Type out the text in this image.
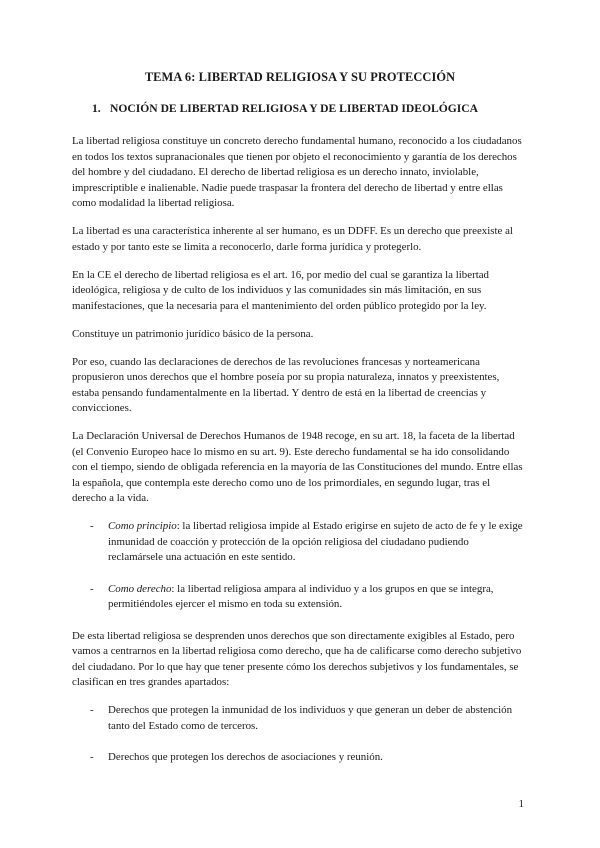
TEMA 6: LIBERTAD RELIGIOSA Y SU PROTECCIÓN
1. NOCIÓN DE LIBERTAD RELIGIOSA Y DE LIBERTAD IDEOLÓGICA

La libertad religiosa constituye un concreto derecho fundamental humano, reconocido a los ciudadanos en todos los textos supranacionales que tienen por objeto el reconocimiento y garantía de los derechos del hombre y del ciudadano. El derecho de libertad religiosa es un derecho innato, inviolable, imprescriptible e inalienable. Nadie puede traspasar la frontera del derecho de libertad y entre ellas como modalidad la libertad religiosa.

La libertad es una característica inherente al ser humano, es un DDFF. Es un derecho que preexiste al estado y por tanto este se limita a reconocerlo, darle forma jurídica y protegerlo.

En la CE el derecho de libertad religiosa es el art. 16, por medio del cual se garantiza la libertad ideológica, religiosa y de culto de los individuos y las comunidades sin más limitación, en sus manifestaciones, que la necesaria para el mantenimiento del orden público protegido por la ley.

Constituye un patrimonio jurídico básico de la persona.

Por eso, cuando las declaraciones de derechos de las revoluciones francesas y norteamericana propusieron unos derechos que el hombre poseía por su propia naturaleza, innatos y preexistentes, estaba pensando fundamentalmente en la libertad. Y dentro de está en la libertad de creencias y convicciones.

La Declaración Universal de Derechos Humanos de 1948 recoge, en su art. 18, la faceta de la libertad (el Convenio Europeo hace lo mismo en su art. 9). Este derecho fundamental se ha ido consolidando con el tiempo, siendo de obligada referencia en la mayoría de las Constituciones del mundo. Entre ellas la española, que contempla este derecho como uno de los primordiales, en segundo lugar, tras el derecho a la vida.

- Como principio: la libertad religiosa impide al Estado erigirse en sujeto de acto de fe y le exige inmunidad de coacción y protección de la opción religiosa del ciudadano pudiendo reclamársele una actuación en este sentido.
- Como derecho: la libertad religiosa ampara al individuo y a los grupos en que se integra, permitiéndoles ejercer el mismo en toda su extensión.

De esta libertad religiosa se desprenden unos derechos que son directamente exigibles al Estado, pero vamos a centrarnos en la libertad religiosa como derecho, que ha de calificarse como derecho subjetivo del ciudadano. Por lo que hay que tener presente cómo los derechos subjetivos y los fundamentales, se clasifican en tres grandes apartados:

- Derechos que protegen la inmunidad de los individuos y que generan un deber de abstención tanto del Estado como de terceros.
- Derechos que protegen los derechos de asociaciones y reunión.
1
